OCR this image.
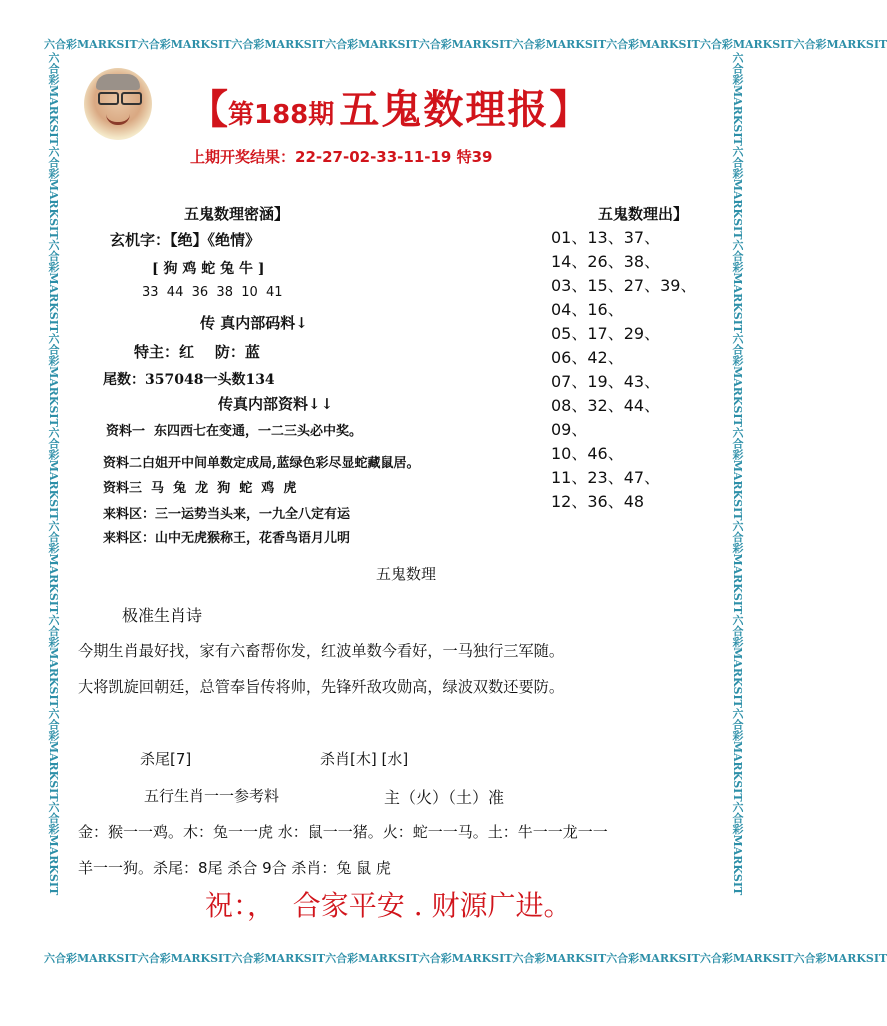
六合彩MARKSIT六合彩MARKSIT六合彩MARKSIT六合彩MARKSIT六合彩MARKSIT六合彩MARKSIT六合彩MARKSIT六合彩MARKSIT六合彩MARKSIT
六合彩MARKSIT六合彩MARKSIT六合彩MARKSIT六合彩MARKSIT六合彩MARKSIT六合彩MARKSIT六合彩MARKSIT六合彩MARKSIT六合彩MARKSIT
六合彩MARKSIT六合彩MARKSIT六合彩MARKSIT六合彩MARKSIT六合彩MARKSIT六合彩MARKSIT六合彩MARKSIT六合彩MARKSIT六合彩MARKSIT	六合彩MARKSIT六合彩MARKSIT六合彩MARKSIT六合彩MARKSIT六合彩MARKSIT六合彩MARKSIT六合彩MARKSIT六合彩MARKSIT六合彩MARKSIT
【第188期 五鬼数理报】
上期开奖结果：22-27-02-33-11-19 特39
五鬼数理密涵】
玄机字：【绝】《绝情》
[ 狗 鸡 蛇 兔 牛 ]
33  44  36  38  10  41
传 真内部码料↓
特主：红    防：蓝
尾数：357048一头数134
传真内部资料↓↓
资料一  东四西七在变通，一二三头必中奖。
资料二白姐开中间单数定成局,蓝绿色彩尽显蛇藏鼠居。
资料三  马  兔  龙  狗  蛇  鸡  虎
来料区：三一运势当头来，一九全八定有运
来料区：山中无虎猴称王，花香鸟语月儿明
五鬼数理出】
01、13、37、
14、26、38、
03、15、27、39、
04、16、
05、17、29、
06、42、
07、19、43、
08、32、44、
09、
10、46、
11、23、47、
12、36、48
五鬼数理
极准生肖诗
今期生肖最好找，家有六畜帮你发，红波单数今看好，一马独行三军随。
大将凯旋回朝廷，总管奉旨传将帅，先锋歼敌攻勋高，绿波双数还要防。
杀尾[7]	杀肖[木] [水]
五行生肖一一参考料	主（火）（土）准
金：猴一一鸡。木：兔一一虎 水：鼠一一猪。火：蛇一一马。土：牛一一龙一一
羊一一狗。杀尾：8尾 杀合 9合 杀肖：兔 鼠 虎
祝：，  合家平安 . 财源广进。
